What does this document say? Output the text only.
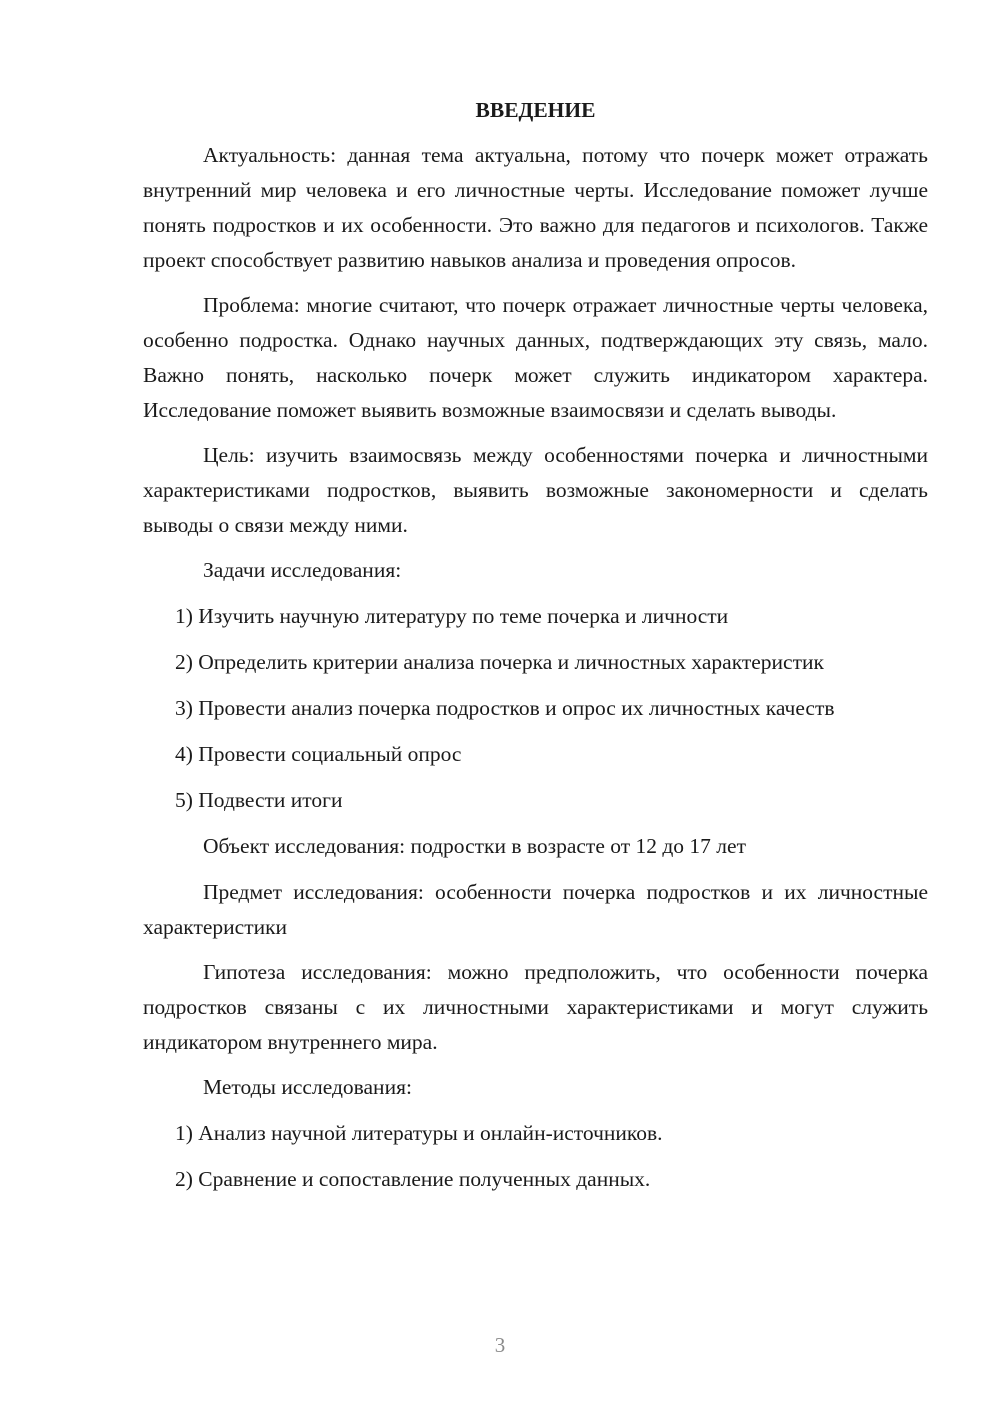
ВВЕДЕНИЕ

Актуальность: данная тема актуальна, потому что почерк может отражать внутренний мир человека и его личностные черты. Исследование поможет лучше понять подростков и их особенности. Это важно для педагогов и психологов. Также проект способствует развитию навыков анализа и проведения опросов.

Проблема: многие считают, что почерк отражает личностные черты человека, особенно подростка. Однако научных данных, подтверждающих эту связь, мало. Важно понять, насколько почерк может служить индикатором характера. Исследование поможет выявить возможные взаимосвязи и сделать выводы.

Цель: изучить взаимосвязь между особенностями почерка и личностными характеристиками подростков, выявить возможные закономерности и сделать выводы о связи между ними.

Задачи исследования:

1) Изучить научную литературу по теме почерка и личности

2) Определить критерии анализа почерка и личностных характеристик

3) Провести анализ почерка подростков и опрос их личностных качеств

4) Провести социальный опрос

5) Подвести итоги

Объект исследования: подростки в возрасте от 12 до 17 лет

Предмет исследования: особенности почерка подростков и их личностные характеристики

Гипотеза исследования: можно предположить, что особенности почерка подростков связаны с их личностными характеристиками и могут служить индикатором внутреннего мира.

Методы исследования:

1) Анализ научной литературы и онлайн-источников.

2) Сравнение и сопоставление полученных данных.

3
